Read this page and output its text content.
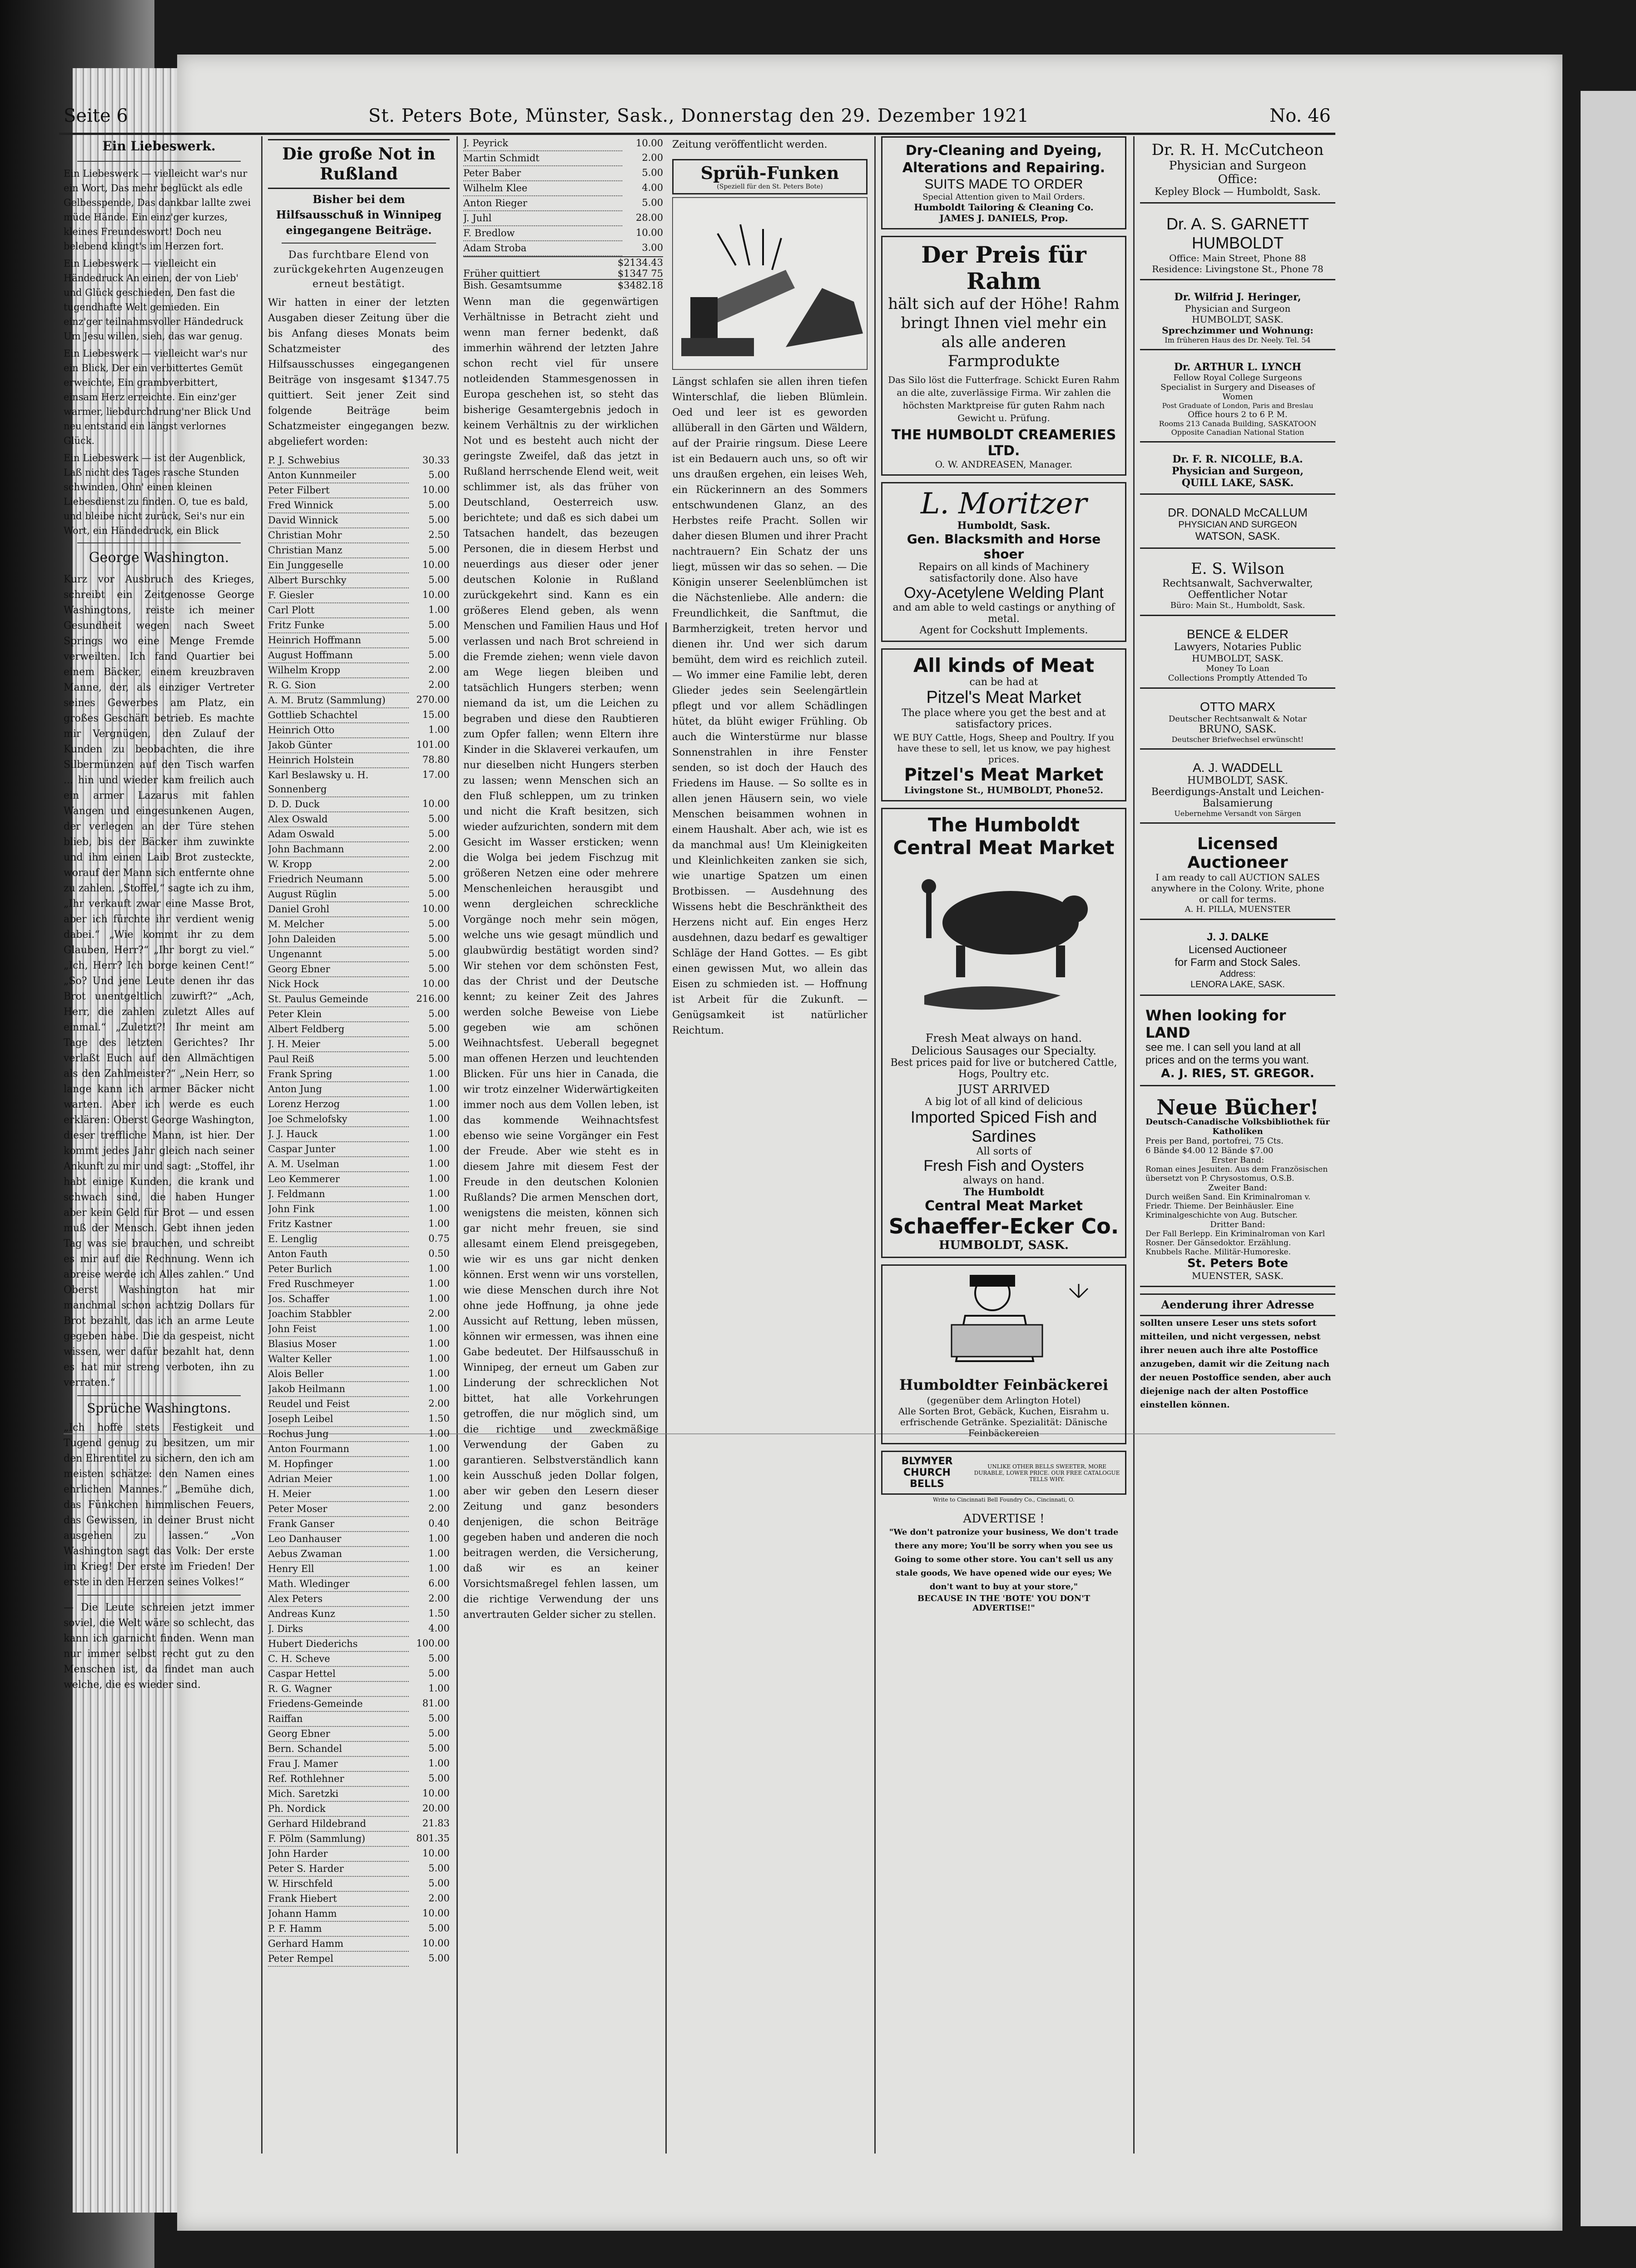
Seite 6	St. Peters Bote, Münster, Sask., Donnerstag den 29. Dezember 1921	No. 46
Ein Liebeswerk.

Ein Liebeswerk — vielleicht war's nur ein Wort, Das mehr beglückt als edle Gelbesspende, Das dankbar lallte zwei müde Hände. Ein einz'ger kurzes, kleines Freundeswort! Doch neu belebend klingt's im Herzen fort.

Ein Liebeswerk — vielleicht ein Händedruck An einen, der von Lieb' und Glück geschieden, Den fast die tugendhafte Welt gemieden. Ein einz'ger teilnahmsvoller Händedruck Um Jesu willen, sieh, das war genug.

Ein Liebeswerk — vielleicht war's nur ein Blick, Der ein verbittertes Gemüt erweichte, Ein grambverbittert, einsam Herz erreichte. Ein einz'ger warmer, liebdurchdrung'ner Blick Und neu entstand ein längst verlornes Glück.

Ein Liebeswerk — ist der Augenblick, Laß nicht des Tages rasche Stunden schwinden, Ohn' einen kleinen Liebesdienst zu finden. O, tue es bald, und bleibe nicht zurück, Sei's nur ein Wort, ein Händedruck, ein Blick

George Washington.

Kurz vor Ausbruch des Krieges, schreibt ein Zeitgenosse George Washingtons, reiste ich meiner Gesundheit wegen nach Sweet Springs wo eine Menge Fremde verweilten. Ich fand Quartier bei einem Bäcker, einem kreuzbraven Manne, der, als einziger Vertreter seines Gewerbes am Platz, ein großes Geschäft betrieb. Es machte mir Vergnügen, den Zulauf der Kunden zu beobachten, die ihre Silbermünzen auf den Tisch warfen ... hin und wieder kam freilich auch ein armer Lazarus mit fahlen Wangen und eingesunkenen Augen, der verlegen an der Türe stehen blieb, bis der Bäcker ihm zuwinkte und ihm einen Laib Brot zusteckte, worauf der Mann sich entfernte ohne zu zahlen. „Stoffel,“ sagte ich zu ihm, „Ihr verkauft zwar eine Masse Brot, aber ich fürchte ihr verdient wenig dabei.“ „Wie kommt ihr zu dem Glauben, Herr?“ „Ihr borgt zu viel.“ „Ich, Herr? Ich borge keinen Cent!“ „So? Und jene Leute denen ihr das Brot unentgeltlich zuwirft?“ „Ach, Herr, die zahlen zuletzt Alles auf einmal.“ „Zuletzt?! Ihr meint am Tage des letzten Gerichtes? Ihr verlaßt Euch auf den Allmächtigen als den Zahlmeister?“ „Nein Herr, so lange kann ich armer Bäcker nicht warten. Aber ich werde es euch erklären: Oberst George Washington, dieser treffliche Mann, ist hier. Der kommt jedes Jahr gleich nach seiner Ankunft zu mir und sagt: „Stoffel, ihr habt einige Kunden, die krank und schwach sind, die haben Hunger aber kein Geld für Brot — und essen muß der Mensch. Gebt ihnen jeden Tag was sie brauchen, und schreibt es mir auf die Rechnung. Wenn ich abreise werde ich Alles zahlen.“ Und Oberst Washington hat mir manchmal schon achtzig Dollars für Brot bezahlt, das ich an arme Leute gegeben habe. Die da gespeist, nicht wissen, wer dafür bezahlt hat, denn es hat mir streng verboten, ihn zu verraten.“

Sprüche Washingtons.

„Ich hoffe stets Festigkeit und Tugend genug zu besitzen, um mir den Ehrentitel zu sichern, den ich am meisten schätze: den Namen eines ehrlichen Mannes.“ „Bemühe dich, das Fünkchen himmlischen Feuers, das Gewissen, in deiner Brust nicht ausgehen zu lassen.“ „Von Washington sagt das Volk: Der erste im Krieg! Der erste im Frieden! Der erste in den Herzen seines Volkes!“

— Die Leute schreien jetzt immer soviel, die Welt wäre so schlecht, das kann ich garnicht finden. Wenn man nur immer selbst recht gut zu den Menschen ist, da findet man auch welche, die es wieder sind.

Die große Not in Rußland
Bisher bei dem Hilfsausschuß in Winnipeg eingegangene Beiträge.
Das furchtbare Elend von zurückgekehrten Augenzeugen erneut bestätigt.

Wir hatten in einer der letzten Ausgaben dieser Zeitung über die bis Anfang dieses Monats beim Schatzmeister des Hilfsausschusses eingegangenen Beiträge von insgesamt $1347.75 quittiert. Seit jener Zeit sind folgende Beiträge beim Schatzmeister eingegangen bezw. abgeliefert worden:

P. J. Schwebius	30.33
Anton Kunnmeiler	5.00
Peter Filbert	10.00
Fred Winnick	5.00
David Winnick	5.00
Christian Mohr	2.50
Christian Manz	5.00
Ein Junggeselle	10.00
Albert Burschky	5.00
F. Giesler	10.00
Carl Plott	1.00
Fritz Funke	5.00
Heinrich Hoffmann	5.00
August Hoffmann	5.00
Wilhelm Kropp	2.00
R. G. Sion	2.00
A. M. Brutz (Sammlung)	270.00
Gottlieb Schachtel	15.00
Heinrich Otto	1.00
Jakob Günter	101.00
Heinrich Holstein	78.80
Karl Beslawsky u. H. Sonnenberg	17.00
D. D. Duck	10.00
Alex Oswald	5.00
Adam Oswald	5.00
John Bachmann	2.00
W. Kropp	2.00
Friedrich Neumann	5.00
August Rüglin	5.00
Daniel Grohl	10.00
M. Melcher	5.00
John Daleiden	5.00
Ungenannt	5.00
Georg Ebner	5.00
Nick Hock	10.00
St. Paulus Gemeinde	216.00
Peter Klein	5.00
Albert Feldberg	5.00
J. H. Meier	5.00
Paul Reiß	5.00
Frank Spring	1.00
Anton Jung	1.00
Lorenz Herzog	1.00
Joe Schmelofsky	1.00
J. J. Hauck	1.00
Caspar Junter	1.00
A. M. Uselman	1.00
Leo Kemmerer	1.00
J. Feldmann	1.00
John Fink	1.00
Fritz Kastner	1.00
E. Lenglig	0.75
Anton Fauth	0.50
Peter Burlich	1.00
Fred Ruschmeyer	1.00
Jos. Schaffer	1.00
Joachim Stabbler	2.00
John Feist	1.00
Blasius Moser	1.00
Walter Keller	1.00
Alois Beller	1.00
Jakob Heilmann	1.00
Reudel und Feist	2.00
Joseph Leibel	1.50
Rochus Jung	1.00
Anton Fourmann	1.00
M. Hopfinger	1.00
Adrian Meier	1.00
H. Meier	1.00
Peter Moser	2.00
Frank Ganser	0.40
Leo Danhauser	1.00
Aebus Zwaman	1.00
Henry Ell	1.00
Math. Wledinger	6.00
Alex Peters	2.00
Andreas Kunz	1.50
J. Dirks	4.00
Hubert Diederichs	100.00
C. H. Scheve	5.00
Caspar Hettel	5.00
R. G. Wagner	1.00
Friedens-Gemeinde	81.00
Raiffan	5.00
Georg Ebner	5.00
Bern. Schandel	5.00
Frau J. Mamer	1.00
Ref. Rothlehner	5.00
Mich. Saretzki	10.00
Ph. Nordick	20.00
Gerhard Hildebrand	21.83
F. Pölm (Sammlung)	801.35
John Harder	10.00
Peter S. Harder	5.00
W. Hirschfeld	5.00
Frank Hiebert	2.00
Johann Hamm	10.00
P. F. Hamm	5.00
Gerhard Hamm	10.00
Peter Rempel	5.00
J. Peyrick	10.00
Martin Schmidt	2.00
Peter Baber	5.00
Wilhelm Klee	4.00
Anton Rieger	5.00
J. Juhl	28.00
F. Bredlow	10.00
Adam Stroba	3.00
$2134.43
Früher quittiert	$1347 75
Bish. Gesamtsumme	$3482.18

Wenn man die gegenwärtigen Verhältnisse in Betracht zieht und wenn man ferner bedenkt, daß immerhin während der letzten Jahre schon recht viel für unsere notleidenden Stammesgenossen in Europa geschehen ist, so steht das bisherige Gesamtergebnis jedoch in keinem Verhältnis zu der wirklichen Not und es besteht auch nicht der geringste Zweifel, daß das jetzt in Rußland herrschende Elend weit, weit schlimmer ist, als das früher von Deutschland, Oesterreich usw. berichtete; und daß es sich dabei um Tatsachen handelt, das bezeugen Personen, die in diesem Herbst und neuerdings aus dieser oder jener deutschen Kolonie in Rußland zurückgekehrt sind. Kann es ein größeres Elend geben, als wenn Menschen und Familien Haus und Hof verlassen und nach Brot schreiend in die Fremde ziehen; wenn viele davon am Wege liegen bleiben und tatsächlich Hungers sterben; wenn niemand da ist, um die Leichen zu begraben und diese den Raubtieren zum Opfer fallen; wenn Eltern ihre Kinder in die Sklaverei verkaufen, um nur dieselben nicht Hungers sterben zu lassen; wenn Menschen sich an den Fluß schleppen, um zu trinken und nicht die Kraft besitzen, sich wieder aufzurichten, sondern mit dem Gesicht im Wasser ersticken; wenn die Wolga bei jedem Fischzug mit größeren Netzen eine oder mehrere Menschenleichen herausgibt und wenn dergleichen schreckliche Vorgänge noch mehr sein mögen, welche uns wie gesagt mündlich und glaubwürdig bestätigt worden sind? Wir stehen vor dem schönsten Fest, das der Christ und der Deutsche kennt; zu keiner Zeit des Jahres werden solche Beweise von Liebe gegeben wie am schönen Weihnachtsfest. Ueberall begegnet man offenen Herzen und leuchtenden Blicken. Für uns hier in Canada, die wir trotz einzelner Widerwärtigkeiten immer noch aus dem Vollen leben, ist das kommende Weihnachtsfest ebenso wie seine Vorgänger ein Fest der Freude. Aber wie steht es in diesem Jahre mit diesem Fest der Freude in den deutschen Kolonien Rußlands? Die armen Menschen dort, wenigstens die meisten, können sich gar nicht mehr freuen, sie sind allesamt einem Elend preisgegeben, wie wir es uns gar nicht denken können. Erst wenn wir uns vorstellen, wie diese Menschen durch ihre Not ohne jede Hoffnung, ja ohne jede Aussicht auf Rettung, leben müssen, können wir ermessen, was ihnen eine Gabe bedeutet. Der Hilfsausschuß in Winnipeg, der erneut um Gaben zur Linderung der schrecklichen Not bittet, hat alle Vorkehrungen getroffen, die nur möglich sind, um die richtige und zweckmäßige Verwendung der Gaben zu garantieren. Selbstverständlich kann kein Ausschuß jeden Dollar folgen, aber wir geben den Lesern dieser Zeitung und ganz besonders denjenigen, die schon Beiträge gegeben haben und anderen die noch beitragen werden, die Versicherung, daß wir es an keiner Vorsichtsmaßregel fehlen lassen, um die richtige Verwendung der uns anvertrauten Gelder sicher zu stellen.

Zeitung veröffentlicht werden.

Sprüh-Funken
(Speziell für den St. Peters Bote)

Längst schlafen sie allen ihren tiefen Winterschlaf, die lieben Blümlein. Oed und leer ist es geworden allüberall in den Gärten und Wäldern, auf der Prairie ringsum. Diese Leere ist ein Bedauern auch uns, so oft wir uns draußen ergehen, ein leises Weh, ein Rückerinnern an des Sommers entschwundenen Glanz, an des Herbstes reife Pracht. Sollen wir daher diesen Blumen und ihrer Pracht nachtrauern? Ein Schatz der uns liegt, müssen wir das so sehen. — Die Königin unserer Seelenblümchen ist die Nächstenliebe. Alle andern: die Freundlichkeit, die Sanftmut, die Barmherzigkeit, treten hervor und dienen ihr. Und wer sich darum bemüht, dem wird es reichlich zuteil. — Wo immer eine Familie lebt, deren Glieder jedes sein Seelengärtlein pflegt und vor allem Schädlingen hütet, da blüht ewiger Frühling. Ob auch die Winterstürme nur blasse Sonnenstrahlen in ihre Fenster senden, so ist doch der Hauch des Friedens im Hause. — So sollte es in allen jenen Häusern sein, wo viele Menschen beisammen wohnen in einem Haushalt. Aber ach, wie ist es da manchmal aus! Um Kleinigkeiten und Kleinlichkeiten zanken sie sich, wie unartige Spatzen um einen Brotbissen. — Ausdehnung des Wissens hebt die Beschränktheit des Herzens nicht auf. Ein enges Herz ausdehnen, dazu bedarf es gewaltiger Schläge der Hand Gottes. — Es gibt einen gewissen Mut, wo allein das Eisen zu schmieden ist. — Hoffnung ist Arbeit für die Zukunft. — Genügsamkeit ist natürlicher Reichtum.

Dry-Cleaning and Dyeing, Alterations and Repairing.
SUITS MADE TO ORDER
Special Attention given to Mail Orders.
Humboldt Tailoring & Cleaning Co.
JAMES J. DANIELS, Prop.
Der Preis für Rahm
hält sich auf der Höhe! Rahm bringt Ihnen viel mehr ein als alle anderen Farmprodukte
Das Silo löst die Futterfrage. Schickt Euren Rahm an die alte, zuverlässige Firma. Wir zahlen die höchsten Marktpreise für guten Rahm nach Gewicht u. Prüfung.
THE HUMBOLDT CREAMERIES LTD.
O. W. ANDREASEN, Manager.
L. Moritzer
Humboldt, Sask.
Gen. Blacksmith and Horse shoer
Repairs on all kinds of Machinery satisfactorily done. Also have
Oxy-Acetylene Welding Plant
and am able to weld castings or anything of metal.
Agent for Cockshutt Implements.
All kinds of Meat
can be had at
Pitzel's Meat Market
The place where you get the best and at satisfactory prices.
WE BUY Cattle, Hogs, Sheep and Poultry. If you have these to sell, let us know, we pay highest prices.
Pitzel's Meat Market
Livingstone St., HUMBOLDT, Phone52.
The Humboldt Central Meat Market
Fresh Meat always on hand.
Delicious Sausages our Specialty.
Best prices paid for live or butchered Cattle, Hogs, Poultry etc.
JUST ARRIVED
A big lot of all kind of delicious
Imported Spiced Fish and Sardines
All sorts of
Fresh Fish and Oysters
always on hand.
The Humboldt
Central Meat Market
Schaeffer-Ecker Co.
HUMBOLDT, SASK.
Humboldter Feinbäckerei
(gegenüber dem Arlington Hotel)
Alle Sorten Brot, Gebäck, Kuchen, Eisrahm u. erfrischende Getränke. Spezialität: Dänische Feinbäckereien
BLYMYER CHURCH BELLS
UNLIKE OTHER BELLS SWEETER, MORE DURABLE, LOWER PRICE. OUR FREE CATALOGUE TELLS WHY.
Write to Cincinnati Bell Foundry Co., Cincinnati, O.
ADVERTISE !
"We don't patronize your business, We don't trade there any more; You'll be sorry when you see us Going to some other store. You can't sell us any stale goods, We have opened wide our eyes; We don't want to buy at your store,"
BECAUSE IN THE 'BOTE' YOU DON'T ADVERTISE!"
Dr. R. H. McCutcheon
Physician and Surgeon
Office:
Kepley Block — Humboldt, Sask.
Dr. A. S. GARNETT
HUMBOLDT
Office: Main Street, Phone 88
Residence: Livingstone St., Phone 78
Dr. Wilfrid J. Heringer,
Physician and Surgeon
HUMBOLDT, SASK.
Sprechzimmer und Wohnung:
Im früheren Haus des Dr. Neely. Tel. 54
Dr. ARTHUR L. LYNCH
Fellow Royal College Surgeons
Specialist in Surgery and Diseases of Women
Post Graduate of London, Paris and Breslau
Office hours 2 to 6 P. M.
Rooms 213 Canada Building, SASKATOON
Opposite Canadian National Station
Dr. F. R. NICOLLE, B.A.
Physician and Surgeon,
QUILL LAKE, SASK.
DR. DONALD McCALLUM
PHYSICIAN AND SURGEON
WATSON, SASK.
E. S. Wilson
Rechtsanwalt, Sachverwalter, Oeffentlicher Notar
Büro: Main St., Humboldt, Sask.
BENCE & ELDER
Lawyers, Notaries Public
HUMBOLDT, SASK.
Money To Loan
Collections Promptly Attended To
OTTO MARX
Deutscher Rechtsanwalt & Notar
BRUNO, SASK.
Deutscher Briefwechsel erwünscht!
A. J. WADDELL
HUMBOLDT, SASK.
Beerdigungs-Anstalt und Leichen-Balsamierung
Uebernehme Versandt von Särgen
Licensed Auctioneer
I am ready to call AUCTION SALES anywhere in the Colony. Write, phone or call for terms.
A. H. PILLA, MUENSTER
J. J. DALKE
Licensed Auctioneer
for Farm and Stock Sales.
Address:
LENORA LAKE, SASK.
When looking for LAND
see me. I can sell you land at all prices and on the terms you want.
A. J. RIES, ST. GREGOR.
Neue Bücher!
Deutsch-Canadische Volksbibliothek für Katholiken
Preis per Band, portofrei, 75 Cts.
6 Bände $4.00 12 Bände $7.00
Erster Band:
Roman eines Jesuiten. Aus dem Französischen übersetzt von P. Chrysostomus, O.S.B.
Zweiter Band:
Durch weißen Sand. Ein Kriminalroman v. Friedr. Thieme. Der Beinhäusler. Eine Kriminalgeschichte von Aug. Butscher.
Dritter Band:
Der Fall Berlepp. Ein Kriminalroman von Karl Rosner. Der Gänsedoktor. Erzählung. Knubbels Rache. Militär-Humoreske.
St. Peters Bote
MUENSTER, SASK.
Aenderung ihrer Adresse
sollten unsere Leser uns stets sofort mitteilen, und nicht vergessen, nebst ihrer neuen auch ihre alte Postoffice anzugeben, damit wir die Zeitung nach der neuen Postoffice senden, aber auch diejenige nach der alten Postoffice einstellen können.
